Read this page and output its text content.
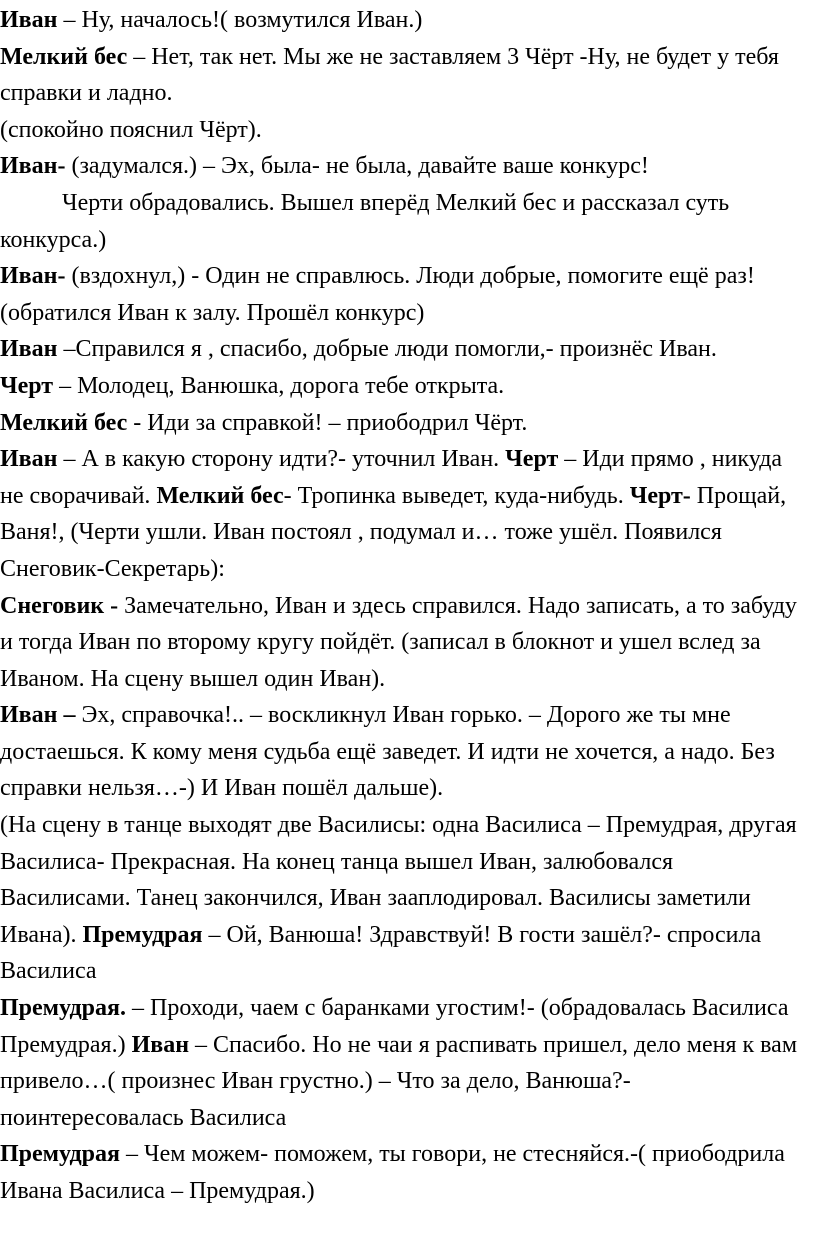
Иван – Ну, началось!( возмутился Иван.)

Мелкий бес – Нет, так нет. Мы же не заставляем 3 Чёрт -Ну, не будет у тебя справки и ладно.

(спокойно пояснил Чёрт).

Иван- (задумался.) – Эх, была- не была, давайте ваше конкурс!

Черти обрадовались. Вышел вперёд Мелкий бес и рассказал суть конкурса.)

Иван- (вздохнул,) - Один не справлюсь. Люди добрые, помогите ещё раз! (обратился Иван к залу. Прошёл конкурс)

Иван –Справился я , спасибо, добрые люди помогли,- произнёс Иван.

Черт – Молодец, Ванюшка, дорога тебе открыта.

Мелкий бес - Иди за справкой! – приободрил Чёрт.

Иван – А в какую сторону идти?- уточнил Иван. Черт – Иди прямо , никуда не сворачивай. Мелкий бес- Тропинка выведет, куда-нибудь. Черт- Прощай, Ваня!, (Черти ушли. Иван постоял , подумал и… тоже ушёл. Появился Снеговик-Секретарь):

Снеговик - Замечательно, Иван и здесь справился. Надо записать, а то забуду и тогда Иван по второму кругу пойдёт. (записал в блокнот и ушел вслед за Иваном. На сцену вышел один Иван).

Иван – Эх, справочка!.. – воскликнул Иван горько. – Дорого же ты мне достаешься. К кому меня судьба ещё заведет. И идти не хочется, а надо. Без справки нельзя…-) И Иван пошёл дальше).

(На сцену в танце выходят две Василисы: одна Василиса – Премудрая, другая Василиса- Прекрасная. На конец танца вышел Иван, залюбовался Василисами. Танец закончился, Иван зааплодировал. Василисы заметили Ивана). Премудрая – Ой, Ванюша! Здравствуй! В гости зашёл?- спросила Василиса

Премудрая. – Проходи, чаем с баранками угостим!- (обрадовалась Василиса Премудрая.) Иван – Спасибо. Но не чаи я распивать пришел, дело меня к вам привело…( произнес Иван грустно.) – Что за дело, Ванюша?- поинтересовалась Василиса

Премудрая – Чем можем- поможем, ты говори, не стесняйся.-( приободрила Ивана Василиса – Премудрая.)
